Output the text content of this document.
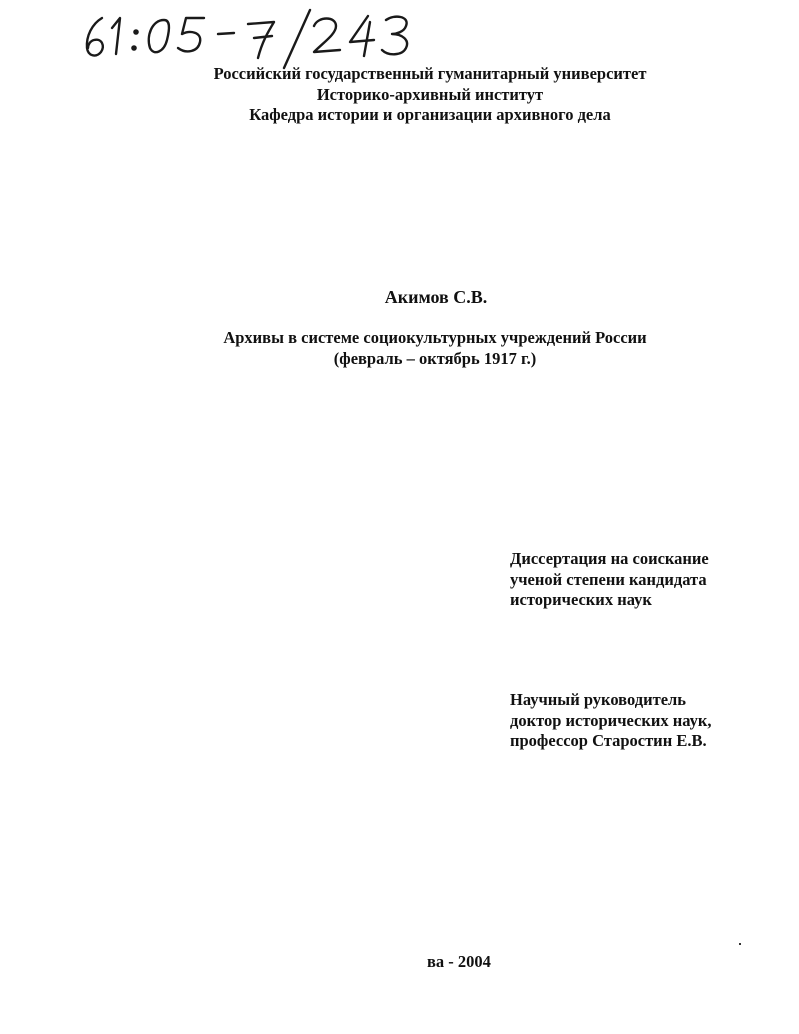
Российский государственный гуманитарный университет
Историко-архивный институт
Кафедра истории и организации архивного дела
Акимов С.В.
Архивы в системе социокультурных учреждений России
(февраль – октябрь 1917 г.)
Диссертация на соискание
ученой степени кандидата
исторических наук
Научный руководитель
доктор исторических наук,
профессор Старостин Е.В.
ва - 2004
